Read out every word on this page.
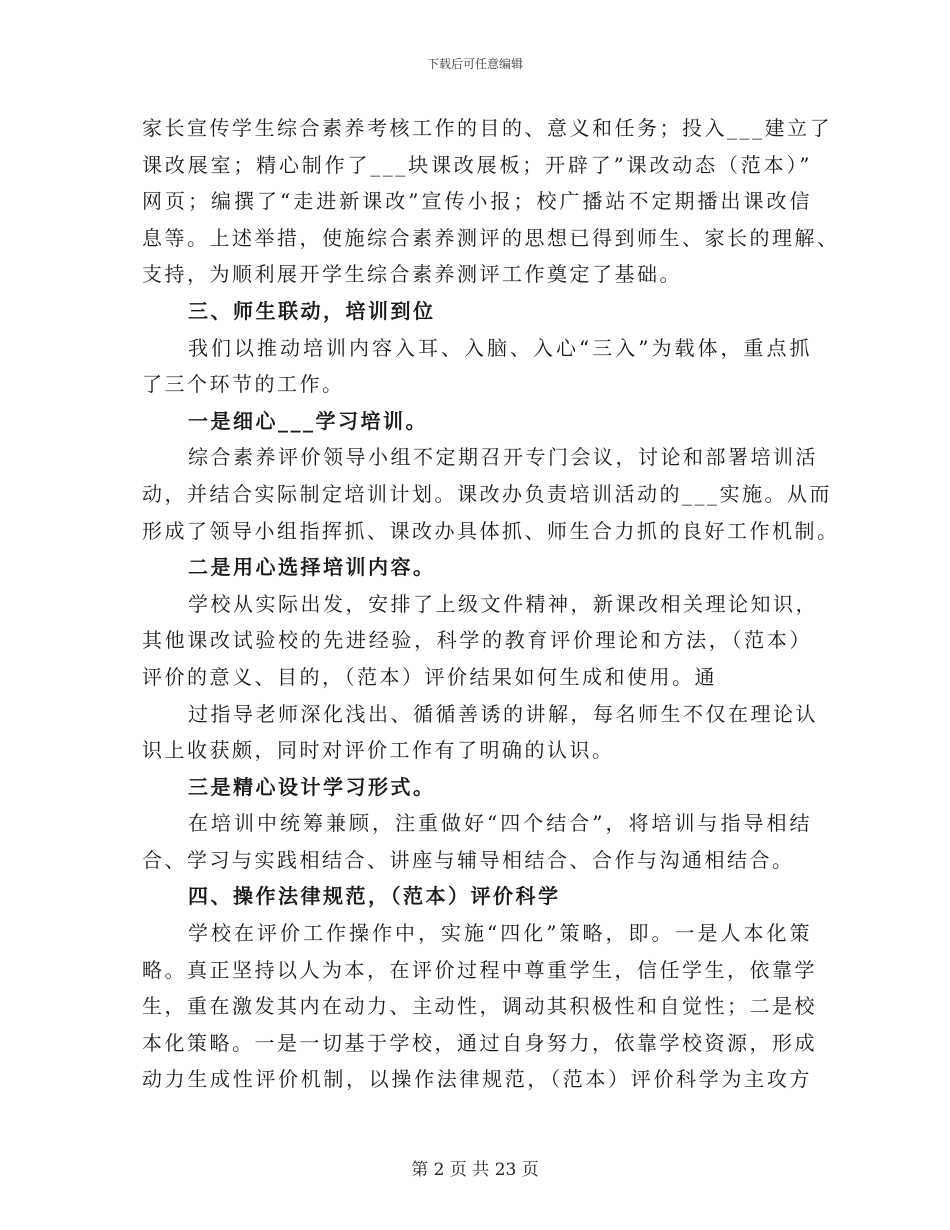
下载后可任意编辑
家长宣传学生综合素养考核工作的目的、意义和任务；投入___建立了
课改展室；精心制作了___块课改展板；开辟了”课改动态（范本）”
网页；编撰了“走进新课改”宣传小报；校广播站不定期播出课改信
息等。上述举措，使施综合素养测评的思想已得到师生、家长的理解、
支持，为顺利展开学生综合素养测评工作奠定了基础。
三、师生联动，培训到位
我们以推动培训内容入耳、入脑、入心“三入”为载体，重点抓
了三个环节的工作。
一是细心___学习培训。
综合素养评价领导小组不定期召开专门会议，讨论和部署培训活
动，并结合实际制定培训计划。课改办负责培训活动的___实施。从而
形成了领导小组指挥抓、课改办具体抓、师生合力抓的良好工作机制。
二是用心选择培训内容。
学校从实际出发，安排了上级文件精神，新课改相关理论知识，
其他课改试验校的先进经验，科学的教育评价理论和方法，（范本）
评价的意义、目的，（范本）评价结果如何生成和使用。通
过指导老师深化浅出、循循善诱的讲解，每名师生不仅在理论认
识上收获颇，同时对评价工作有了明确的认识。
三是精心设计学习形式。
在培训中统筹兼顾，注重做好“四个结合”，将培训与指导相结
合、学习与实践相结合、讲座与辅导相结合、合作与沟通相结合。
四、操作法律规范，（范本）评价科学
学校在评价工作操作中，实施“四化”策略，即。一是人本化策
略。真正坚持以人为本，在评价过程中尊重学生，信任学生，依靠学
生，重在激发其内在动力、主动性，调动其积极性和自觉性；二是校
本化策略。一是一切基于学校，通过自身努力，依靠学校资源，形成
动力生成性评价机制，以操作法律规范，（范本）评价科学为主攻方
第 2 页 共 23 页
